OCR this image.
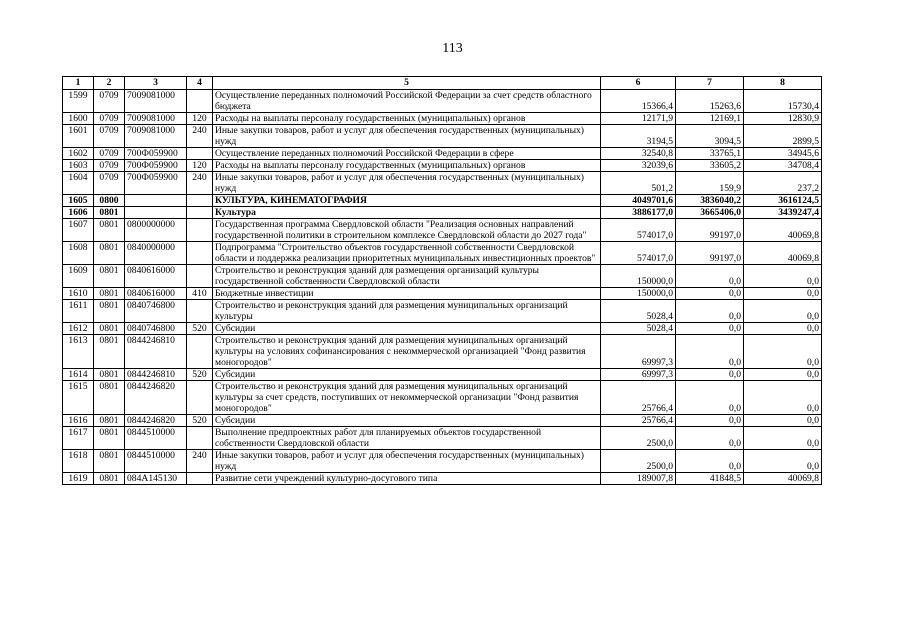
113
1	2	3	4	5	6	7	8
1599	0709	7009081000		Осуществление переданных полномочий Российской Федерации за счет средств областного бюджета	15366,4	15263,6	15730,4
1600	0709	7009081000	120	Расходы на выплаты персоналу государственных (муниципальных) органов	12171,9	12169,1	12830,9
1601	0709	7009081000	240	Иные закупки товаров, работ и услуг для обеспечения государственных (муниципальных) нужд	3194,5	3094,5	2899,5
1602	0709	700Ф059900		Осуществление переданных полномочий Российской Федерации в сфере	32540,8	33765,1	34945,6
1603	0709	700Ф059900	120	Расходы на выплаты персоналу государственных (муниципальных) органов	32039,6	33605,2	34708,4
1604	0709	700Ф059900	240	Иные закупки товаров, работ и услуг для обеспечения государственных (муниципальных) нужд	501,2	159,9	237,2
1605	0800			КУЛЬТУРА, КИНЕМАТОГРАФИЯ	4049701,6	3836040,2	3616124,5
1606	0801			Культура	3886177,0	3665406,0	3439247,4
1607	0801	0800000000		Государственная программа Свердловской области "Реализация основных направлений государственной политики в строительном комплексе Свердловской области до 2027 года"	574017,0	99197,0	40069,8
1608	0801	0840000000		Подпрограмма "Строительство объектов государственной собственности Свердловской области и поддержка реализации приоритетных муниципальных инвестиционных проектов"	574017,0	99197,0	40069,8
1609	0801	0840616000		Строительство и реконструкция зданий для размещения организаций культуры государственной собственности Свердловской области	150000,0	0,0	0,0
1610	0801	0840616000	410	Бюджетные инвестиции	150000,0	0,0	0,0
1611	0801	0840746800		Строительство и реконструкция зданий для размещения муниципальных организаций культуры	5028,4	0,0	0,0
1612	0801	0840746800	520	Субсидии	5028,4	0,0	0,0
1613	0801	0844246810		Строительство и реконструкция зданий для размещения муниципальных организаций культуры на условиях софинансирования с некоммерческой организацией "Фонд развития моногородов"	69997,3	0,0	0,0
1614	0801	0844246810	520	Субсидии	69997,3	0,0	0,0
1615	0801	0844246820		Строительство и реконструкция зданий для размещения муниципальных организаций культуры за счет средств, поступивших от некоммерческой организации "Фонд развития моногородов"	25766,4	0,0	0,0
1616	0801	0844246820	520	Субсидии	25766,4	0,0	0,0
1617	0801	0844510000		Выполнение предпроектных работ для планируемых объектов государственной собственности Свердловской области	2500,0	0,0	0,0
1618	0801	0844510000	240	Иные закупки товаров, работ и услуг для обеспечения государственных (муниципальных) нужд	2500,0	0,0	0,0
1619	0801	084A145130		Развитие сети учреждений культурно-досугового типа	189007,8	41848,5	40069,8
